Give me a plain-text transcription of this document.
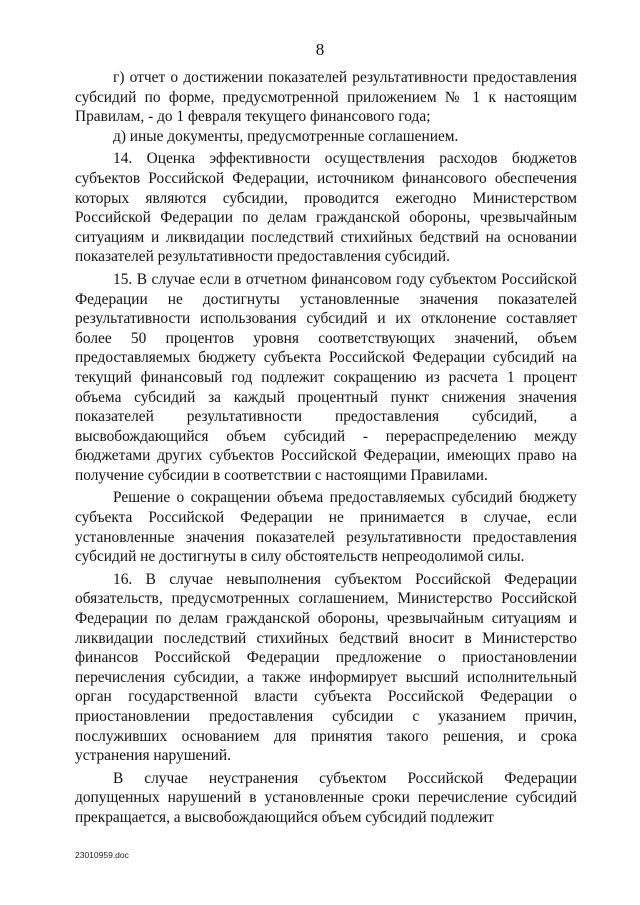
8

г) отчет о достижении показателей результативности предоставления субсидий по форме, предусмотренной приложением № 1 к настоящим Правилам, - до 1 февраля текущего финансового года;

д) иные документы, предусмотренные соглашением.

14. Оценка эффективности осуществления расходов бюджетов субъектов Российской Федерации, источником финансового обеспечения которых являются субсидии, проводится ежегодно Министерством Российской Федерации по делам гражданской обороны, чрезвычайным ситуациям и ликвидации последствий стихийных бедствий на основании показателей результативности предоставления субсидий.

15. В случае если в отчетном финансовом году субъектом Российской Федерации не достигнуты установленные значения показателей результативности использования субсидий и их отклонение составляет более 50 процентов уровня соответствующих значений, объем предоставляемых бюджету субъекта Российской Федерации субсидий на текущий финансовый год подлежит сокращению из расчета 1 процент объема субсидий за каждый процентный пункт снижения значения показателей результативности предоставления субсидий, а высвобождающийся объем субсидий - перераспределению между бюджетами других субъектов Российской Федерации, имеющих право на получение субсидии в соответствии с настоящими Правилами.

Решение о сокращении объема предоставляемых субсидий бюджету субъекта Российской Федерации не принимается в случае, если установленные значения показателей результативности предоставления субсидий не достигнуты в силу обстоятельств непреодолимой силы.

16. В случае невыполнения субъектом Российской Федерации обязательств, предусмотренных соглашением, Министерство Российской Федерации по делам гражданской обороны, чрезвычайным ситуациям и ликвидации последствий стихийных бедствий вносит в Министерство финансов Российской Федерации предложение о приостановлении перечисления субсидии, а также информирует высший исполнительный орган государственной власти субъекта Российской Федерации о приостановлении предоставления субсидии с указанием причин, послуживших основанием для принятия такого решения, и срока устранения нарушений.

В случае неустранения субъектом Российской Федерации допущенных нарушений в установленные сроки перечисление субсидий прекращается, а высвобождающийся объем субсидий подлежит

23010959.doc
